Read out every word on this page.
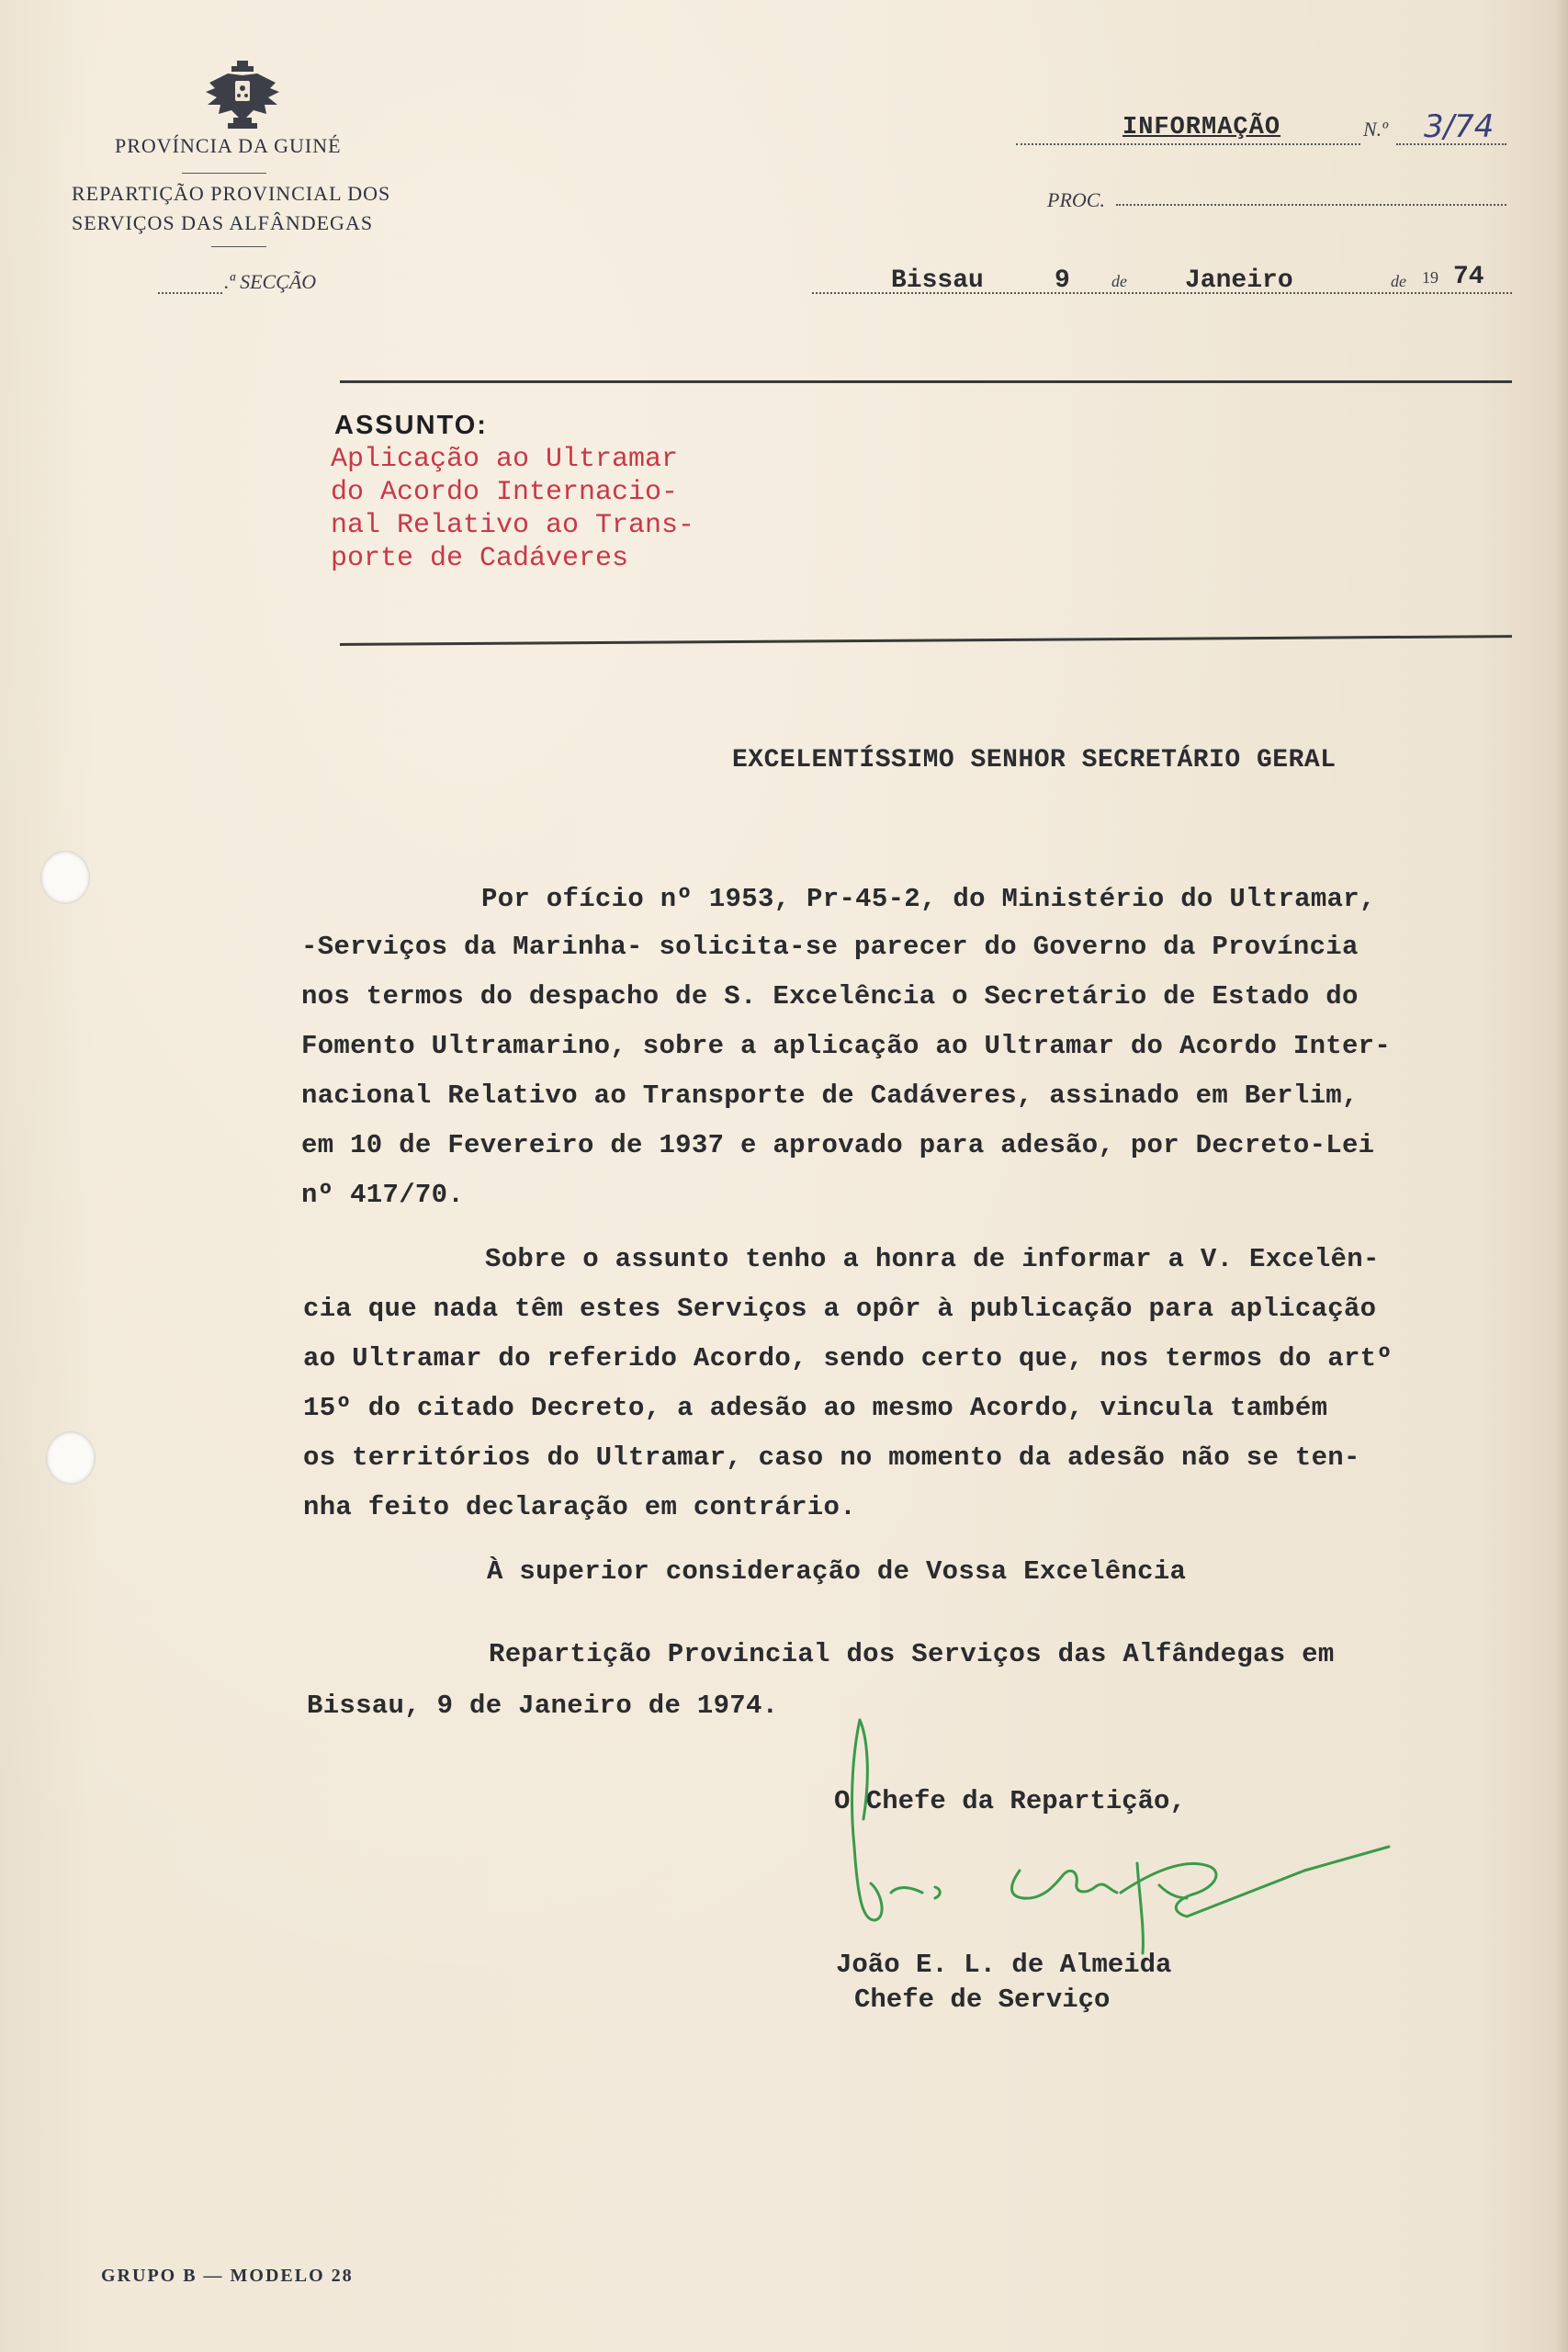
PROVÍNCIA DA GUINÉ
REPARTIÇÃO PROVINCIAL DOS
SERVIÇOS DAS ALFÂNDEGAS
.ª SECÇÃO
INFORMAÇÃO	N.º 3/74
PROC.
Bissau	9	de Janeiro	de 19 74
ASSUNTO:
Aplicação ao Ultramar
do Acordo Internacio-
nal Relativo ao Trans-
porte de Cadáveres
EXCELENTÍSSIMO SENHOR SECRETÁRIO GERAL
Por ofício nº 1953, Pr-45-2, do Ministério do Ultramar,
-Serviços da Marinha- solicita-se parecer do Governo da Província
nos termos do despacho de S. Excelência o Secretário de Estado do
Fomento Ultramarino, sobre a aplicação ao Ultramar do Acordo Inter-
nacional Relativo ao Transporte de Cadáveres, assinado em Berlim,
em 10 de Fevereiro de 1937 e aprovado para adesão, por Decreto-Lei
nº 417/70.
Sobre o assunto tenho a honra de informar a V. Excelên-
cia que nada têm estes Serviços a opôr à publicação para aplicação
ao Ultramar do referido Acordo, sendo certo que, nos termos do artº
15º do citado Decreto, a adesão ao mesmo Acordo, vincula também
os territórios do Ultramar, caso no momento da adesão não se ten-
nha feito declaração em contrário.
À superior consideração de Vossa Excelência
Repartição Provincial dos Serviços das Alfândegas em
Bissau, 9 de Janeiro de 1974.
O Chefe da Repartição,
João E. L. de Almeida
Chefe de Serviço
GRUPO B — MODELO 28
